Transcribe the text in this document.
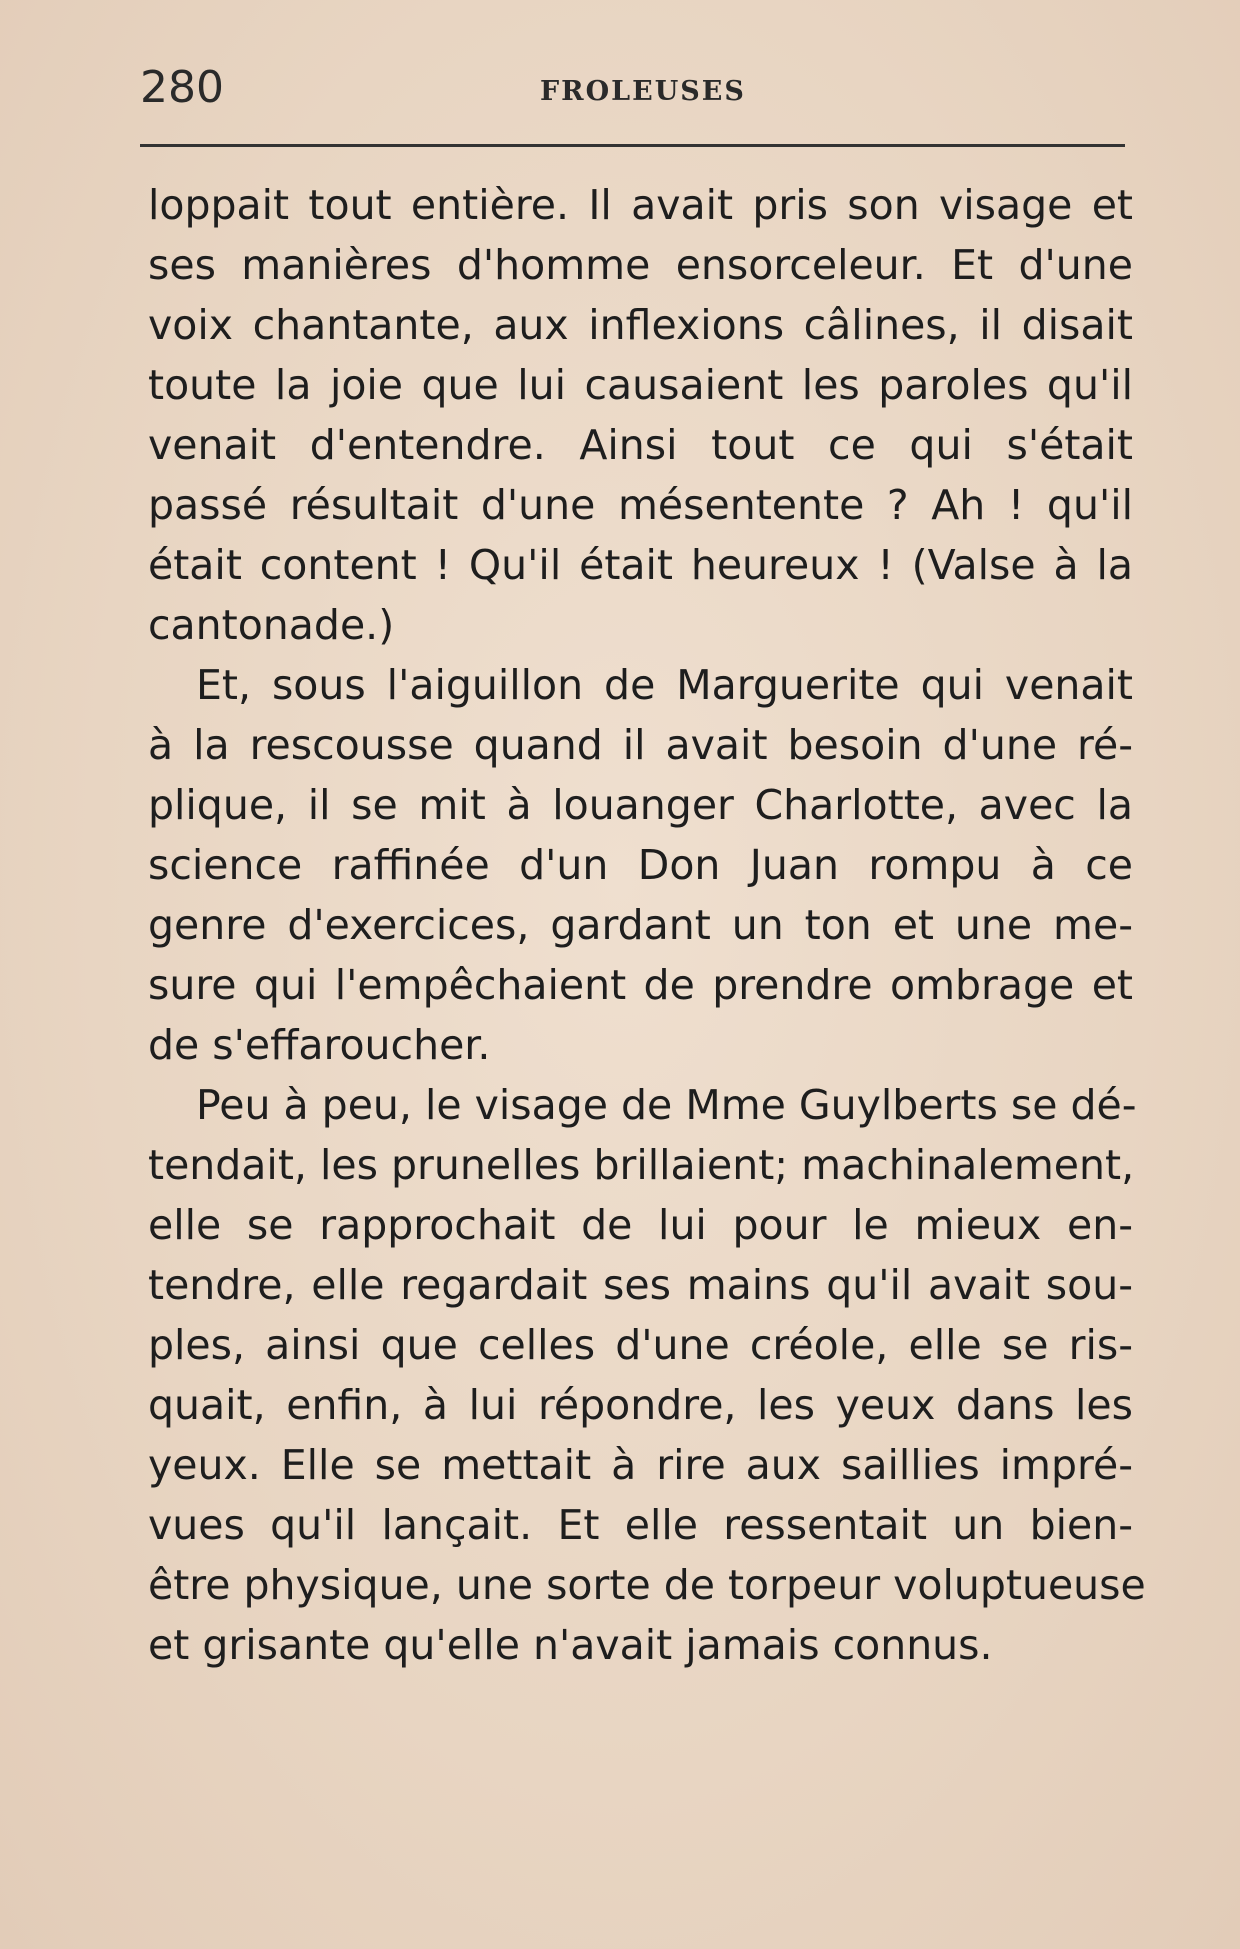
280	FROLEUSES
loppait tout entière. Il avait pris son visage et
ses manières d'homme ensorceleur. Et d'une
voix chantante, aux inflexions câlines, il disait
toute la joie que lui causaient les paroles qu'il
venait d'entendre. Ainsi tout ce qui s'était
passé résultait d'une mésentente ? Ah ! qu'il
était content ! Qu'il était heureux ! (Valse à la
cantonade.)
Et, sous l'aiguillon de Marguerite qui venait
à la rescousse quand il avait besoin d'une ré-
plique, il se mit à louanger Charlotte, avec la
science raffinée d'un Don Juan rompu à ce
genre d'exercices, gardant un ton et une me-
sure qui l'empêchaient de prendre ombrage et
de s'effaroucher.
Peu à peu, le visage de Mme Guylberts se dé-
tendait, les prunelles brillaient; machinalement,
elle se rapprochait de lui pour le mieux en-
tendre, elle regardait ses mains qu'il avait sou-
ples, ainsi que celles d'une créole, elle se ris-
quait, enfin, à lui répondre, les yeux dans les
yeux. Elle se mettait à rire aux saillies impré-
vues qu'il lançait. Et elle ressentait un bien-
être physique, une sorte de torpeur voluptueuse
et grisante qu'elle n'avait jamais connus.
